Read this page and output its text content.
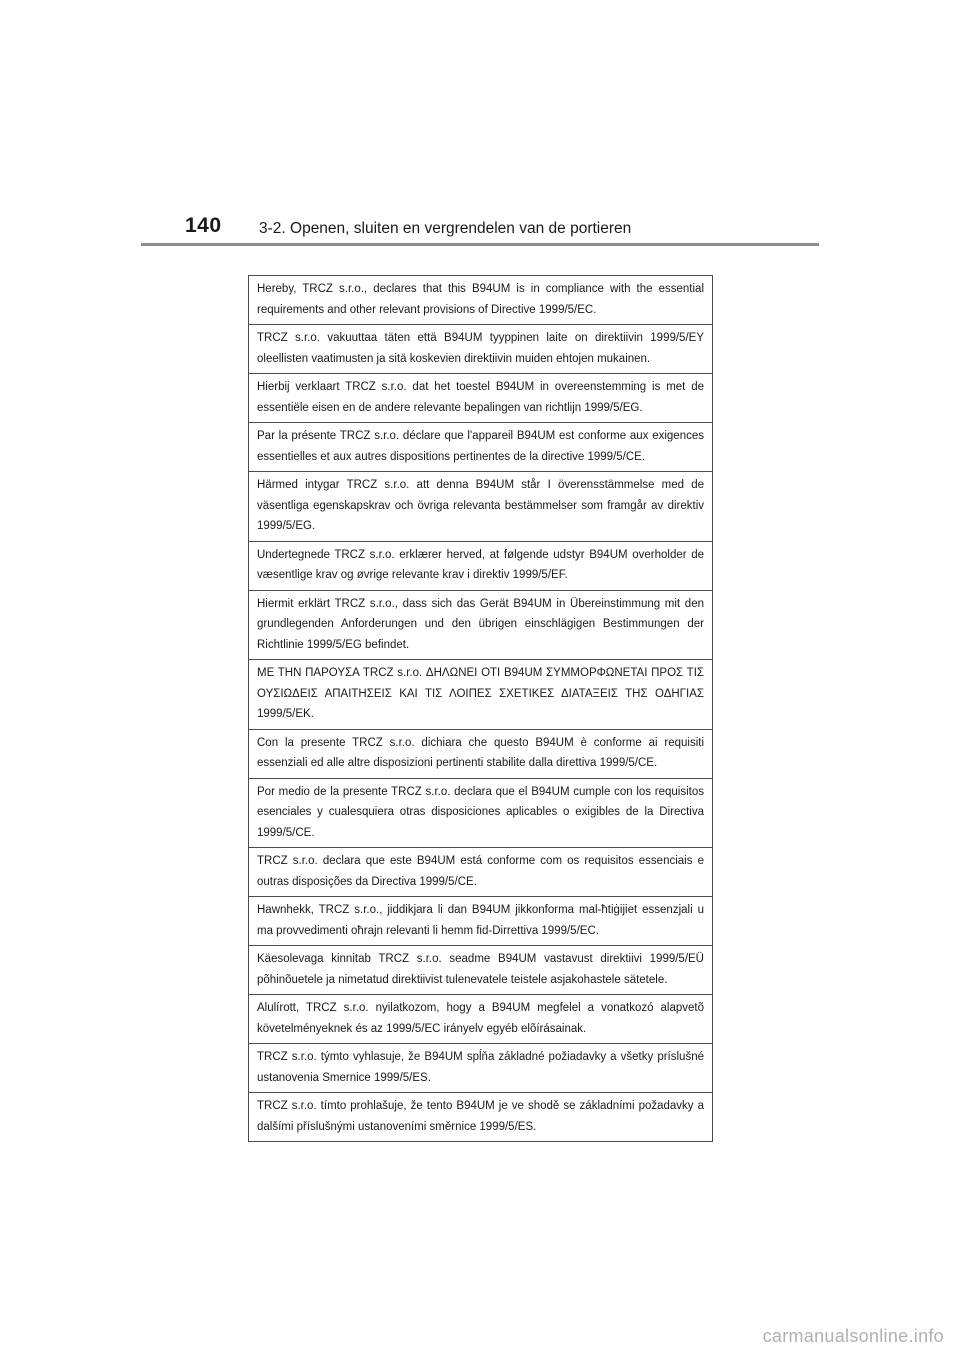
140 3-2. Openen, sluiten en vergrendelen van de portieren
Hereby, TRCZ s.r.o., declares that this B94UM is in compliance with the essential requirements and other relevant provisions of Directive 1999/5/EC.
TRCZ s.r.o. vakuuttaa täten että B94UM tyyppinen laite on direktiivin 1999/5/EY oleellisten vaatimusten ja sitä koskevien direktiivin muiden ehtojen mukainen.
Hierbij verklaart TRCZ s.r.o. dat het toestel B94UM in overeenstemming is met de essentiële eisen en de andere relevante bepalingen van richtlijn 1999/5/EG.
Par la présente TRCZ s.r.o. déclare que l'appareil B94UM est conforme aux exigences essentielles et aux autres dispositions pertinentes de la directive 1999/5/CE.
Härmed intygar TRCZ s.r.o. att denna B94UM står I överensstämmelse med de väsentliga egenskapskrav och övriga relevanta bestämmelser som framgår av direktiv 1999/5/EG.
Undertegnede TRCZ s.r.o. erklærer herved, at følgende udstyr B94UM overholder de væsentlige krav og øvrige relevante krav i direktiv 1999/5/EF.
Hiermit erklärt TRCZ s.r.o., dass sich das Gerät B94UM in Übereinstimmung mit den grundlegenden Anforderungen und den übrigen einschlägigen Bestimmungen der Richtlinie 1999/5/EG befindet.
ΜΕ ΤΗΝ ΠΑΡΟΥΣΑ TRCZ s.r.o. ΔΗΛΩΝΕΙ ΟΤΙ B94UM ΣΥΜΜΟΡΦΩΝΕΤΑΙ ΠΡΟΣ ΤΙΣ ΟΥΣΙΩΔΕΙΣ ΑΠΑΙΤΗΣΕΙΣ ΚΑΙ ΤΙΣ ΛΟΙΠΕΣ ΣΧΕΤΙΚΕΣ ΔΙΑΤΑΞΕΙΣ ΤΗΣ ΟΔΗΓΙΑΣ 1999/5/ΕΚ.
Con la presente TRCZ s.r.o. dichiara che questo B94UM è conforme ai requisiti essenziali ed alle altre disposizioni pertinenti stabilite dalla direttiva 1999/5/CE.
Por medio de la presente TRCZ s.r.o. declara que el B94UM cumple con los requisitos esenciales y cualesquiera otras disposiciones aplicables o exigibles de la Directiva 1999/5/CE.
TRCZ s.r.o. declara que este B94UM está conforme com os requisitos essenciais e outras disposições da Directiva 1999/5/CE.
Hawnhekk, TRCZ s.r.o., jiddikjara li dan B94UM jikkonforma mal-ħtiġijiet essenzjali u ma provvedimenti oħrajn relevanti li hemm fid-Dirrettiva 1999/5/EC.
Käesolevaga kinnitab TRCZ s.r.o. seadme B94UM vastavust direktiivi 1999/5/EÜ põhinõuetele ja nimetatud direktiivist tulenevatele teistele asjakohastele sätetele.
Alulírott, TRCZ s.r.o. nyilatkozom, hogy a B94UM megfelel a vonatkozó alapvetõ követelményeknek és az 1999/5/EC irányelv egyéb elõírásainak.
TRCZ s.r.o. týmto vyhlasuje, že B94UM spĺňa základné požiadavky a všetky príslušné ustanovenia Smernice 1999/5/ES.
TRCZ s.r.o. tímto prohlašuje, že tento B94UM je ve shodě se základními požadavky a dalšími příslušnými ustanoveními směrnice 1999/5/ES.
carmanualsonline.info
